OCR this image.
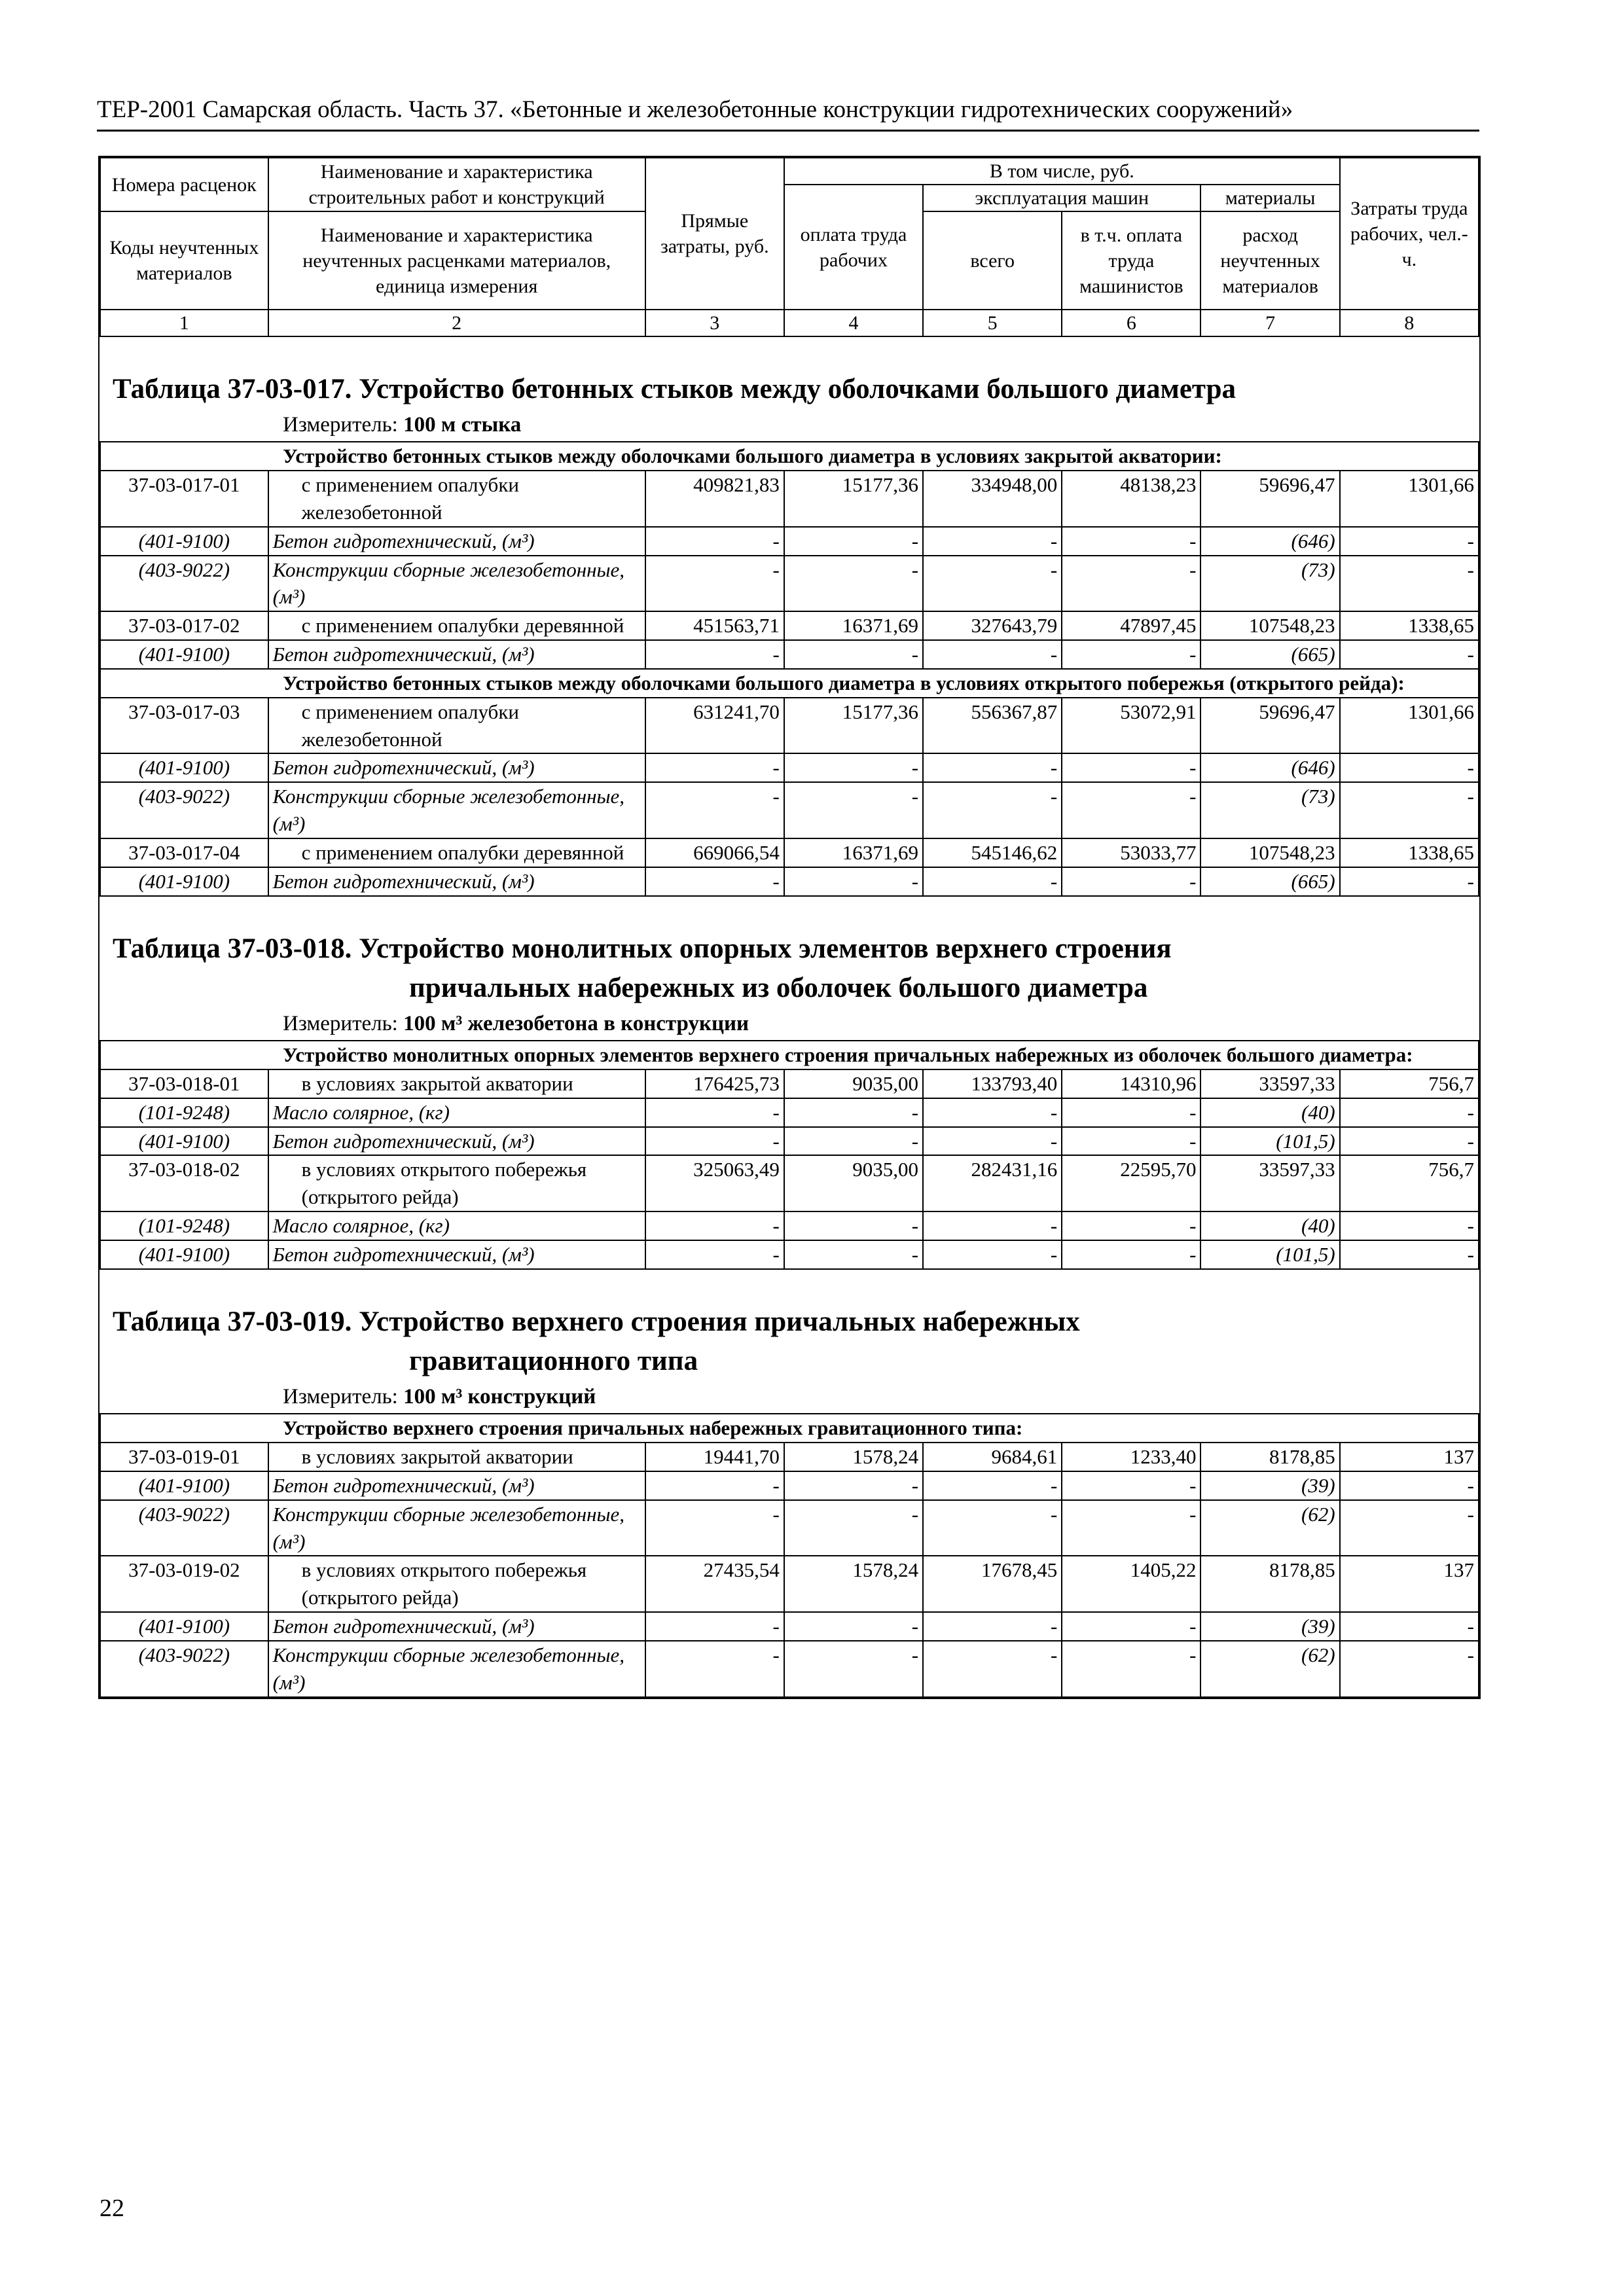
ТЕР-2001 Самарская область. Часть 37. «Бетонные и железобетонные конструкции гидротехнических сооружений»
Номера расценок	Наименование и характеристика строительных работ и конструкций	Прямые затраты, руб.	В том числе, руб.				Затраты труда рабочих, чел.-ч.
			оплата труда рабочих	эксплуатация машин		материалы	
Коды неучтенных материалов	Наименование и характеристика неучтенных расценками материалов, единица измерения			всего	в т.ч. оплата труда машинистов	расход неучтенных материалов	

1	2	3	4	5	6	7	8
Таблица 37-03-017. Устройство бетонных стыков между оболочками большого диаметра
Измеритель: 100 м стыка
Устройство бетонных стыков между оболочками большого диаметра в условиях закрытой акватории:							
37-03-017-01	с применением опалубки железобетонной	409821,83	15177,36	334948,00	48138,23	59696,47	1301,66
(401-9100)	Бетон гидротехнический, (м³)	-	-	-	-	(646)	-
(403-9022)	Конструкции сборные железобетонные, (м³)	-	-	-	-	(73)	-
37-03-017-02	с применением опалубки деревянной	451563,71	16371,69	327643,79	47897,45	107548,23	1338,65
(401-9100)	Бетон гидротехнический, (м³)	-	-	-	-	(665)	-
Устройство бетонных стыков между оболочками большого диаметра в условиях открытого побережья (открытого рейда):							
37-03-017-03	с применением опалубки железобетонной	631241,70	15177,36	556367,87	53072,91	59696,47	1301,66
(401-9100)	Бетон гидротехнический, (м³)	-	-	-	-	(646)	-
(403-9022)	Конструкции сборные железобетонные, (м³)	-	-	-	-	(73)	-
37-03-017-04	с применением опалубки деревянной	669066,54	16371,69	545146,62	53033,77	107548,23	1338,65
(401-9100)	Бетон гидротехнический, (м³)	-	-	-	-	(665)	-
Таблица 37-03-018. Устройство монолитных опорных элементов верхнего строения
причальных набережных из оболочек большого диаметра
Измеритель: 100 м³ железобетона в конструкции
Устройство монолитных опорных элементов верхнего строения причальных набережных из оболочек большого диаметра:							
37-03-018-01	в условиях закрытой акватории	176425,73	9035,00	133793,40	14310,96	33597,33	756,7
(101-9248)	Масло солярное, (кг)	-	-	-	-	(40)	-
(401-9100)	Бетон гидротехнический, (м³)	-	-	-	-	(101,5)	-
37-03-018-02	в условиях открытого побережья (открытого рейда)	325063,49	9035,00	282431,16	22595,70	33597,33	756,7
(101-9248)	Масло солярное, (кг)	-	-	-	-	(40)	-
(401-9100)	Бетон гидротехнический, (м³)	-	-	-	-	(101,5)	-
Таблица 37-03-019. Устройство верхнего строения причальных набережных
гравитационного типа
Измеритель: 100 м³ конструкций
Устройство верхнего строения причальных набережных гравитационного типа:							
37-03-019-01	в условиях закрытой акватории	19441,70	1578,24	9684,61	1233,40	8178,85	137
(401-9100)	Бетон гидротехнический, (м³)	-	-	-	-	(39)	-
(403-9022)	Конструкции сборные железобетонные, (м³)	-	-	-	-	(62)	-
37-03-019-02	в условиях открытого побережья (открытого рейда)	27435,54	1578,24	17678,45	1405,22	8178,85	137
(401-9100)	Бетон гидротехнический, (м³)	-	-	-	-	(39)	-
(403-9022)	Конструкции сборные железобетонные, (м³)	-	-	-	-	(62)	-
22
